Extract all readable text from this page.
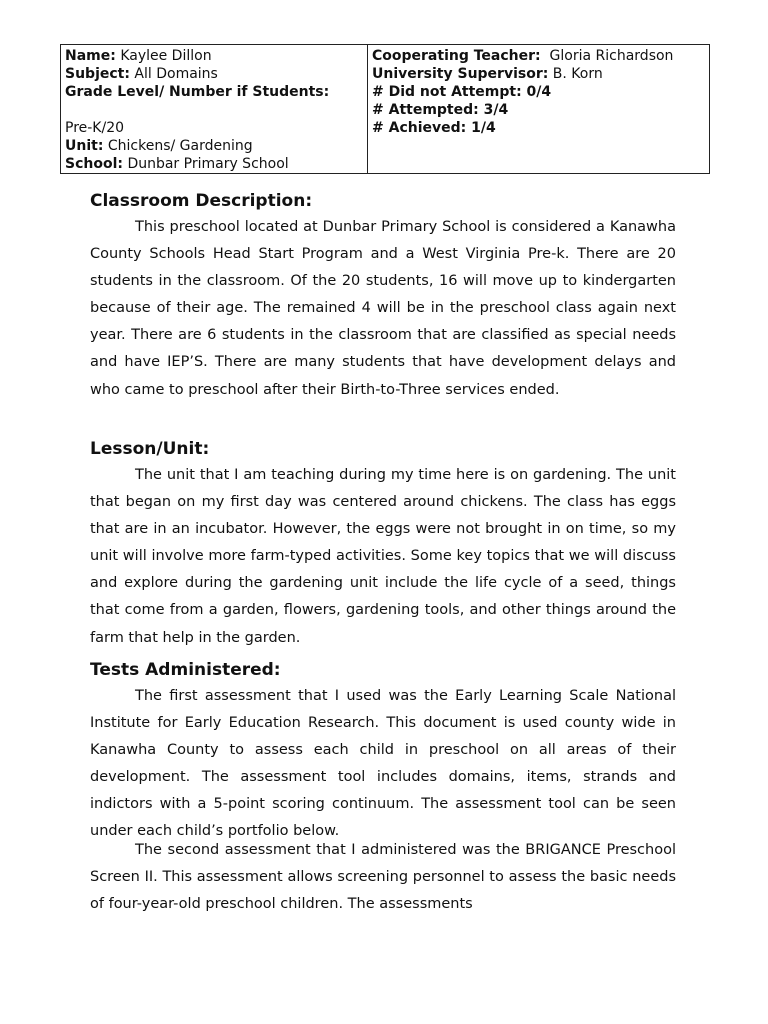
Name: Kaylee Dillon
Subject: All Domains
Grade Level/ Number if Students:
Pre-K/20
Unit: Chickens/ Gardening
School: Dunbar Primary School

Cooperating Teacher: Gloria Richardson
University Supervisor: B. Korn
# Did not Attempt: 0/4
# Attempted: 3/4
# Achieved: 1/4
Classroom Description:

This preschool located at Dunbar Primary School is considered a Kanawha County Schools Head Start Program and a West Virginia Pre-k. There are 20 students in the classroom. Of the 20 students, 16 will move up to kindergarten because of their age. The remained 4 will be in the preschool class again next year. There are 6 students in the classroom that are classified as special needs and have IEP’S. There are many students that have development delays and who came to preschool after their Birth-to-Three services ended.

Lesson/Unit:

The unit that I am teaching during my time here is on gardening. The unit that began on my first day was centered around chickens. The class has eggs that are in an incubator. However, the eggs were not brought in on time, so my unit will involve more farm-typed activities. Some key topics that we will discuss and explore during the gardening unit include the life cycle of a seed, things that come from a garden, flowers, gardening tools, and other things around the farm that help in the garden.

Tests Administered:

The first assessment that I used was the Early Learning Scale National Institute for Early Education Research. This document is used county wide in Kanawha County to assess each child in preschool on all areas of their development. The assessment tool includes domains, items, strands and indictors with a 5-point scoring continuum. The assessment tool can be seen under each child’s portfolio below.

The second assessment that I administered was the BRIGANCE Preschool Screen II. This assessment allows screening personnel to assess the basic needs of four-year-old preschool children. The assessments
